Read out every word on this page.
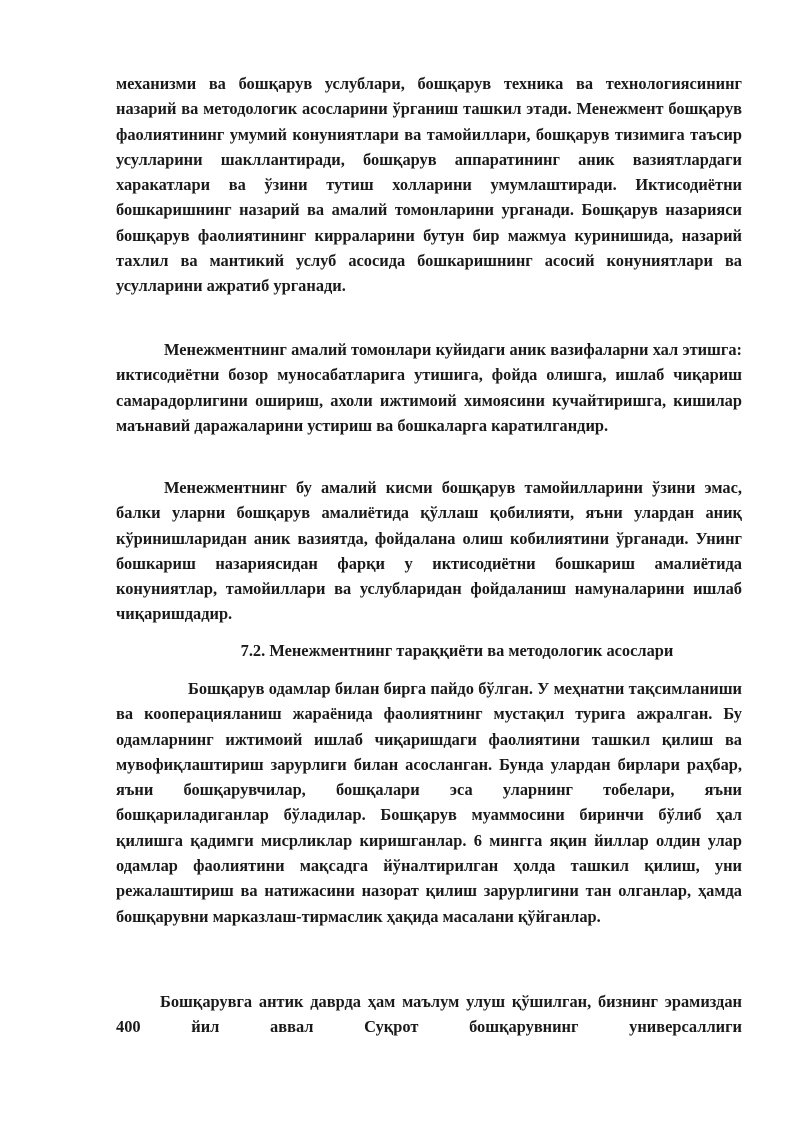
механизми ва бошқарув услублари, бошқарув техника ва технологиясининг назарий ва методологик асосларини ўрганиш ташкил этади. Менежмент бошқарув фаолиятининг умумий конуниятлари ва тамойиллари, бошқарув тизимига таъсир усулларини шакллантиради, бошқарув аппаратининг аник вазиятлардаги харакатлари ва ўзини тутиш холларини умумлаштиради. Иктисодиётни бошкаришнинг назарий ва амалий томонларини урганади. Бошқарув назарияси бошқарув фаолиятининг кирраларини бутун бир мажмуа куринишида, назарий тахлил ва мантикий услуб асосида бошкаришнинг асосий конуниятлари ва усулларини ажратиб урганади.

Менежментнинг амалий томонлари куйидаги аник вазифаларни хал этишга: иктисодиётни бозор муносабатларига утишига, фойда олишга, ишлаб чиқариш самарадорлигини ошириш, ахоли ижтимоий химоясини кучайтиришга, кишилар маънавий даражаларини устириш ва бошкаларга каратилгандир.

Менежментнинг бу амалий кисми бошқарув тамойилларини ўзини эмас, балки уларни бошқарув амалиётида қўллаш қобилияти, яъни улардан аниқ кўринишларидан аник вазиятда, фойдалана олиш кобилиятини ўрганади. Унинг бошкариш назариясидан фарқи у иктисодиётни бошкариш амалиётида конуниятлар, тамойиллари ва услубларидан фойдаланиш намуналарини ишлаб чиқаришдадир.

7.2. Менежментнинг тараққиёти ва методологик асослари

Бошқарув одамлар билан бирга пайдо бўлган. У меҳнатни тақсимланиши ва кооперацияланиш жараёнида фаолиятнинг мустақил турига ажралган. Бу одамларнинг ижтимоий ишлаб чиқаришдаги фаолиятини ташкил қилиш ва мувофиқлаштириш зарурлиги билан асосланган. Бунда улардан бирлари раҳбар, яъни бошқарувчилар, бошқалари эса уларнинг тобелари, яъни бошқариладиганлар бўладилар. Бошқарув муаммосини биринчи бўлиб ҳал қилишга қадимги мисрликлар киришганлар. 6 мингга яқин йиллар олдин улар одамлар фаолиятини мақсадга йўналтирилган ҳолда ташкил қилиш, уни режалаштириш ва натижасини назорат қилиш зарурлигини тан олганлар, ҳамда бошқарувни марказлаш-тирмаслик ҳақида масалани қўйганлар.

Бошқарувга антик даврда ҳам маълум улуш қўшилган, бизнинг эрамиздан 400 йил аввал Суқрот бошқарувнинг универсаллиги
